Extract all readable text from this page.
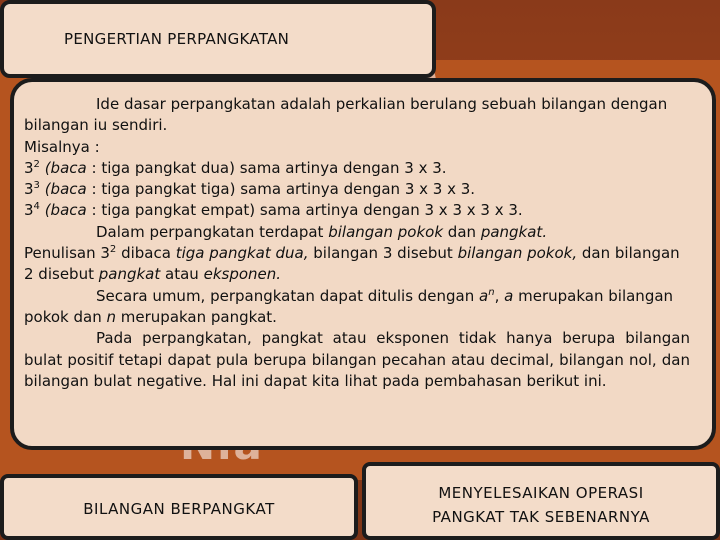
PENGERTIAN PERPANGKATAN

Ide dasar perpangkatan adalah perkalian berulang sebuah bilangan dengan bilangan iu sendiri.

Misalnya :

$3^2$ (baca : tiga pangkat dua) sama artinya dengan 3 x 3.

$3^3$ (baca : tiga pangkat tiga) sama artinya dengan 3 x 3 x 3.

$3^4$ (baca : tiga pangkat empat) sama artinya dengan 3 x 3 x 3 x 3.

Dalam perpangkatan terdapat bilangan pokok dan pangkat.

Penulisan $3^2$ dibaca tiga pangkat dua, bilangan 3 disebut bilangan pokok, dan bilangan 2 disebut pangkat atau eksponen.

Secara umum, perpangkatan dapat ditulis dengan $a^n$, a merupakan bilangan pokok dan n merupakan pangkat.

Pada perpangkatan, pangkat atau eksponen tidak hanya berupa bilangan bulat positif tetapi dapat pula berupa bilangan pecahan atau decimal, bilangan nol, dan bilangan bulat negative. Hal ini dapat kita lihat pada pembahasan berikut ini.

BILANGAN BERPANGKAT
MENYELESAIKAN OPERASI
PANGKAT TAK SEBENARNYA
